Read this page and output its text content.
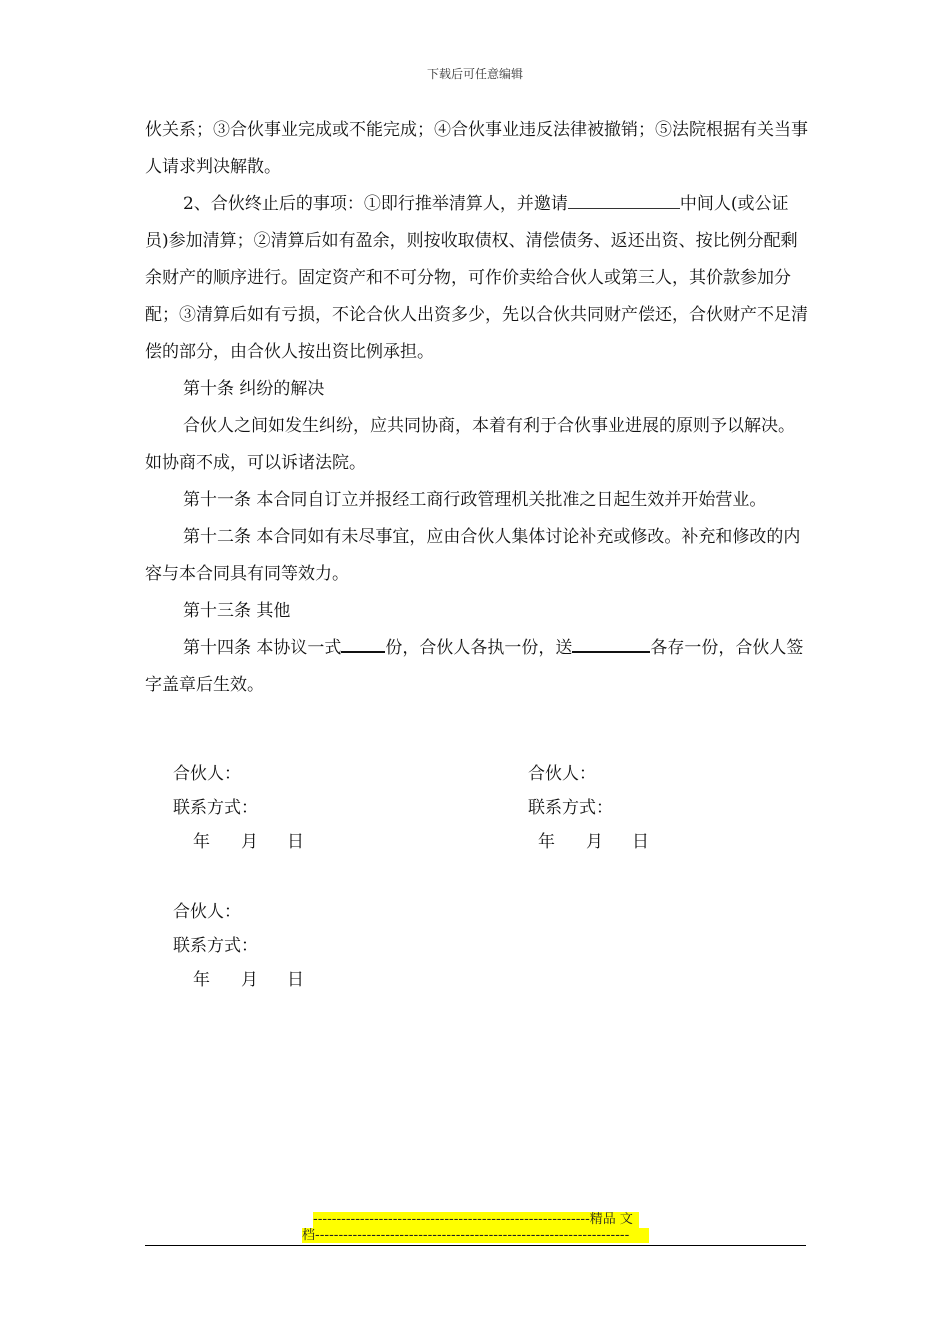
下载后可任意编辑

伙关系；③合伙事业完成或不能完成；④合伙事业违反法律被撤销；⑤法院根据有关当事人请求判决解散。

2、合伙终止后的事项：①即行推举清算人，并邀请	中间人(或公证员)参加清算；②清算后如有盈余，则按收取债权、清偿债务、返还出资、按比例分配剩余财产的顺序进行。固定资产和不可分物，可作价卖给合伙人或第三人，其价款参加分配；③清算后如有亏损，不论合伙人出资多少，先以合伙共同财产偿还，合伙财产不足清偿的部分，由合伙人按出资比例承担。

第十条 纠纷的解决

合伙人之间如发生纠纷，应共同协商，本着有利于合伙事业进展的原则予以解决。如协商不成，可以诉诸法院。

第十一条 本合同自订立并报经工商行政管理机关批准之日起生效并开始营业。

第十二条 本合同如有未尽事宜，应由合伙人集体讨论补充或修改。补充和修改的内容与本合同具有同等效力。

第十三条 其他

第十四条 本协议一式	份，合伙人各执一份，送	各存一份，合伙人签字盖章后生效。

合伙人：

联系方式：

年 月 日

合伙人：

联系方式：

年 月 日

合伙人：

联系方式：

年 月 日

-----------------------------------------------------------精品 文
档-------------------------------------------------------------------
